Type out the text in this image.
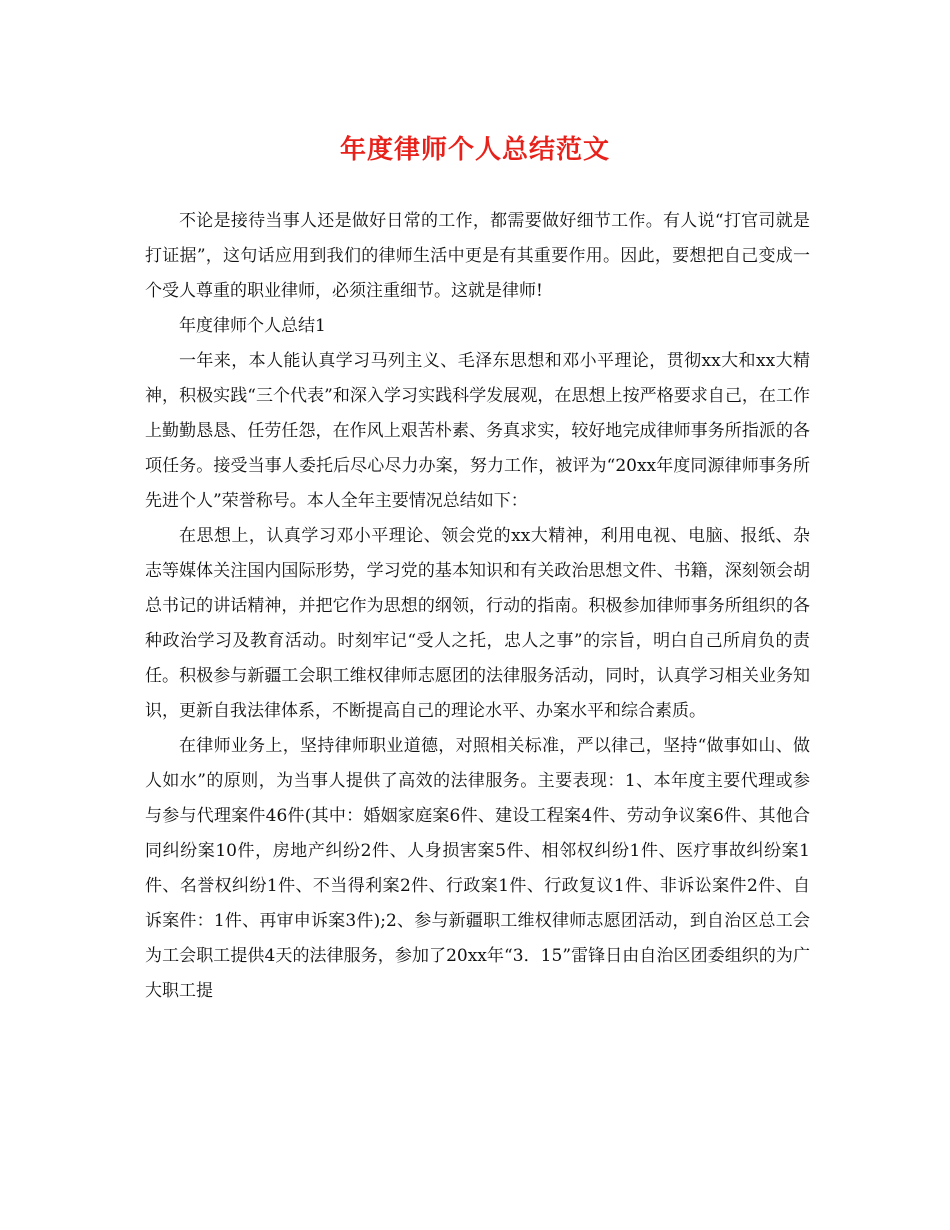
年度律师个人总结范文

不论是接待当事人还是做好日常的工作，都需要做好细节工作。有人说“打官司就是打证据”，这句话应用到我们的律师生活中更是有其重要作用。因此，要想把自己变成一个受人尊重的职业律师，必须注重细节。这就是律师!

年度律师个人总结1

一年来，本人能认真学习马列主义、毛泽东思想和邓小平理论，贯彻xx大和xx大精神，积极实践“三个代表”和深入学习实践科学发展观，在思想上按严格要求自己，在工作上勤勤恳恳、任劳任怨，在作风上艰苦朴素、务真求实，较好地完成律师事务所指派的各项任务。接受当事人委托后尽心尽力办案，努力工作，被评为“20xx年度同源律师事务所先进个人”荣誉称号。本人全年主要情况总结如下：

在思想上，认真学习邓小平理论、领会党的xx大精神，利用电视、电脑、报纸、杂志等媒体关注国内国际形势，学习党的基本知识和有关政治思想文件、书籍，深刻领会胡总书记的讲话精神，并把它作为思想的纲领，行动的指南。积极参加律师事务所组织的各种政治学习及教育活动。时刻牢记“受人之托，忠人之事”的宗旨，明白自己所肩负的责任。积极参与新疆工会职工维权律师志愿团的法律服务活动，同时，认真学习相关业务知识，更新自我法律体系，不断提高自己的理论水平、办案水平和综合素质。

在律师业务上，坚持律师职业道德，对照相关标准，严以律己，坚持“做事如山、做人如水”的原则，为当事人提供了高效的法律服务。主要表现：1、本年度主要代理或参与参与代理案件46件(其中：婚姻家庭案6件、建设工程案4件、劳动争议案6件、其他合同纠纷案10件，房地产纠纷2件、人身损害案5件、相邻权纠纷1件、医疗事故纠纷案1件、名誉权纠纷1件、不当得利案2件、行政案1件、行政复议1件、非诉讼案件2件、自诉案件：1件、再审申诉案3件);2、参与新疆职工维权律师志愿团活动，到自治区总工会为工会职工提供4天的法律服务，参加了20xx年“3．15”雷锋日由自治区团委组织的为广大职工提
